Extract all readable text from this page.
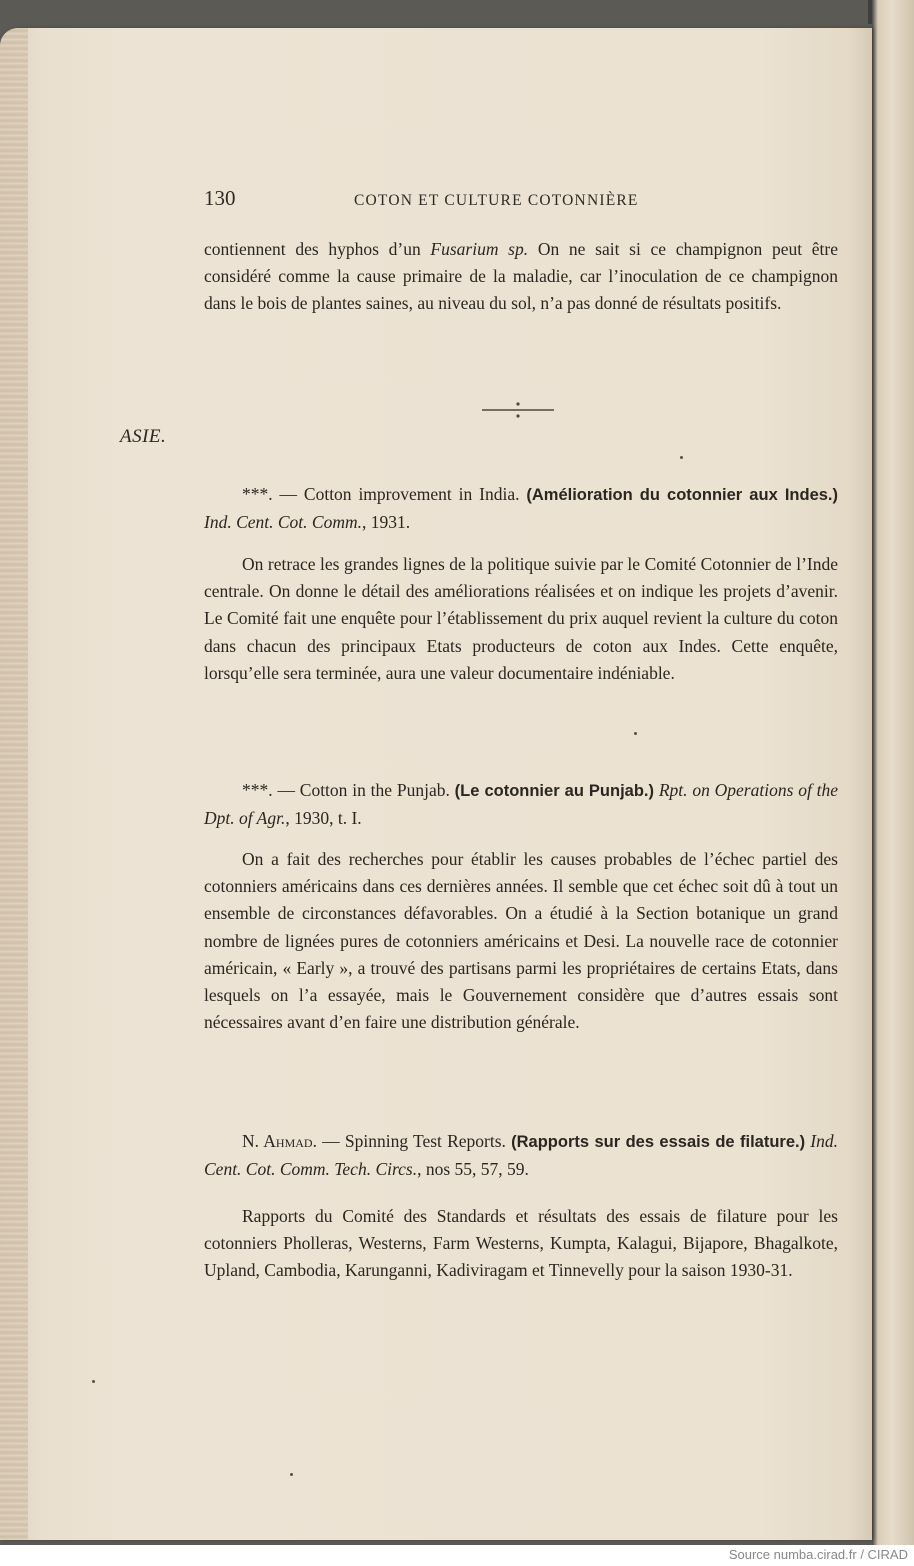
130	COTON ET CULTURE COTONNIÈRE

contiennent des hyphos d’un Fusarium sp. On ne sait si ce champignon peut être considéré comme la cause primaire de la maladie, car l’inoculation de ce champignon dans le bois de plantes saines, au niveau du sol, n’a pas donné de résultats positifs.

ASIE.

***. — Cotton improvement in India. (Amélioration du cotonnier aux Indes.) Ind. Cent. Cot. Comm., 1931.

On retrace les grandes lignes de la politique suivie par le Comité Cotonnier de l’Inde centrale. On donne le détail des améliorations réalisées et on indique les projets d’avenir. Le Comité fait une enquête pour l’établissement du prix auquel revient la culture du coton dans chacun des principaux Etats producteurs de coton aux Indes. Cette enquête, lorsqu’elle sera terminée, aura une valeur documentaire indéniable.

***. — Cotton in the Punjab. (Le cotonnier au Punjab.) Rpt. on Operations of the Dpt. of Agr., 1930, t. I.

On a fait des recherches pour établir les causes probables de l’échec partiel des cotonniers américains dans ces dernières années. Il semble que cet échec soit dû à tout un ensemble de circonstances défavorables. On a étudié à la Section botanique un grand nombre de lignées pures de cotonniers américains et Desi. La nouvelle race de cotonnier américain, « Early », a trouvé des partisans parmi les propriétaires de certains Etats, dans lesquels on l’a essayée, mais le Gouvernement considère que d’autres essais sont nécessaires avant d’en faire une distribution générale.

N. Ahmad. — Spinning Test Reports. (Rapports sur des essais de filature.) Ind. Cent. Cot. Comm. Tech. Circs., nos 55, 57, 59.

Rapports du Comité des Standards et résultats des essais de filature pour les cotonniers Pholleras, Westerns, Farm Westerns, Kumpta, Kalagui, Bijapore, Bhagalkote, Upland, Cambodia, Karunganni, Kadiviragam et Tinnevelly pour la saison 1930-31.

Source numba.cirad.fr / CIRAD
